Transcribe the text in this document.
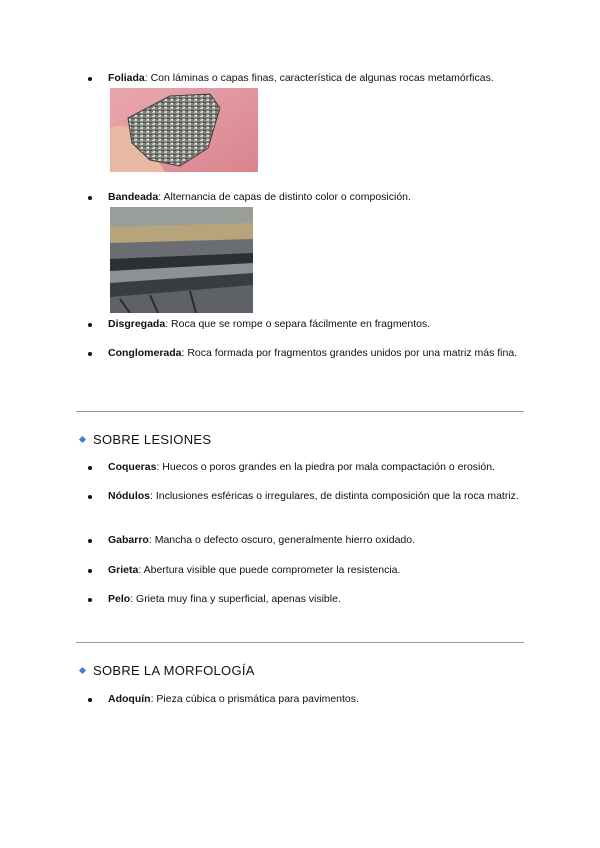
Foliada: Con láminas o capas finas, característica de algunas rocas metamórficas.
Bandeada: Alternancia de capas de distinto color o composición.
Disgregada: Roca que se rompe o separa fácilmente en fragmentos.
Conglomerada: Roca formada por fragmentos grandes unidos por una matriz más fina.
SOBRE LESIONES
Coqueras: Huecos o poros grandes en la piedra por mala compactación o erosión.
Nódulos: Inclusiones esféricas o irregulares, de distinta composición que la roca matriz.
Gabarro: Mancha o defecto oscuro, generalmente hierro oxidado.
Grieta: Abertura visible que puede comprometer la resistencia.
Pelo: Grieta muy fina y superficial, apenas visible.
SOBRE LA MORFOLOGÍA
Adoquín: Pieza cúbica o prismática para pavimentos.
